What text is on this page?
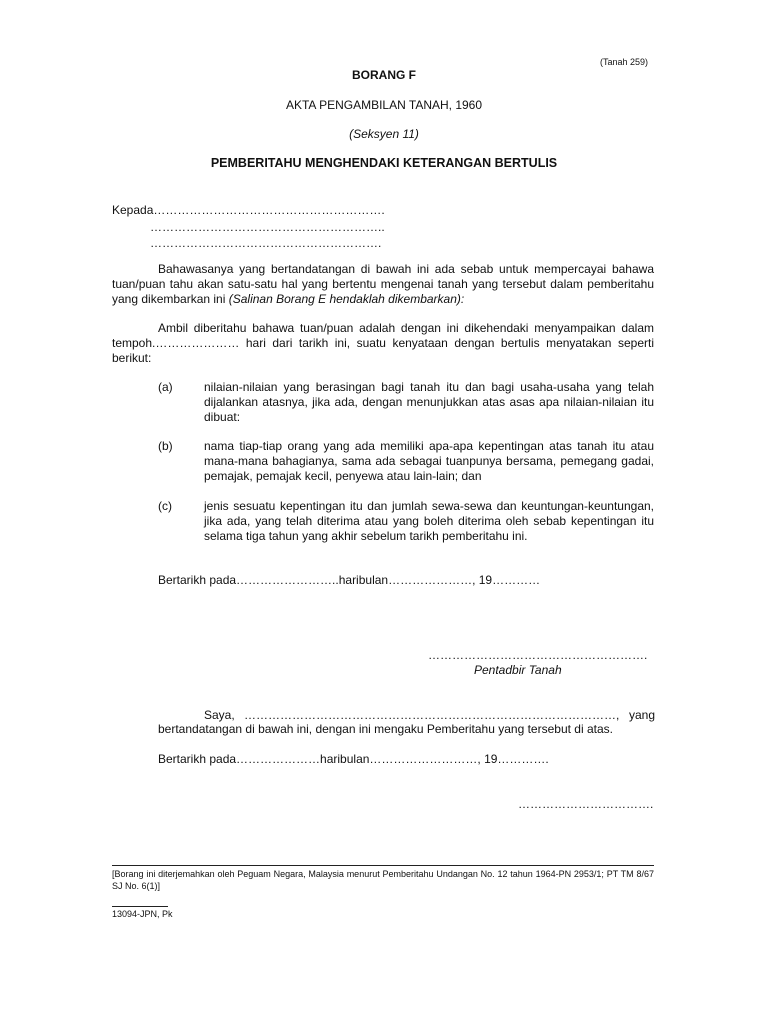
(Tanah 259)
BORANG F
AKTA PENGAMBILAN TANAH, 1960
(Seksyen 11)
PEMBERITAHU MENGHENDAKI KETERANGAN BERTULIS
Kepada………………………………………………….
…………………………………………………..
………………………………………………….
Bahawasanya yang bertandatangan di bawah ini ada sebab untuk mempercayai bahawa tuan/puan tahu akan satu-satu hal yang bertentu mengenai tanah yang tersebut dalam pemberitahu yang dikembarkan ini (Salinan Borang E hendaklah dikembarkan):
Ambil diberitahu bahawa tuan/puan adalah dengan ini dikehendaki menyampaikan dalam tempoh.………………… hari dari tarikh ini, suatu kenyataan dengan bertulis menyatakan seperti berikut:
(a)	nilaian-nilaian yang berasingan bagi tanah itu dan bagi usaha-usaha yang telah dijalankan atasnya, jika ada, dengan menunjukkan atas asas apa nilaian-nilaian itu dibuat:
(b)	nama tiap-tiap orang yang ada memiliki apa-apa kepentingan atas tanah itu atau mana-mana bahagianya, sama ada sebagai tuanpunya bersama, pemegang gadai, pemajak, pemajak kecil, penyewa atau lain-lain; dan
(c)	jenis sesuatu kepentingan itu dan jumlah sewa-sewa dan keuntungan-keuntungan, jika ada, yang telah diterima atau yang boleh diterima oleh sebab kepentingan itu selama tiga tahun yang akhir sebelum tarikh pemberitahu ini.
Bertarikh pada……………………..haribulan…………………, 19…………
……………………………………………….
Pentadbir Tanah
Saya, …………………………………………………………………………………, yang
bertandatangan di bawah ini, dengan ini mengaku Pemberitahu yang tersebut di atas.
Bertarikh pada…………………haribulan………………………, 19………….
…………………………….
[Borang ini diterjemahkan oleh Peguam Negara, Malaysia menurut Pemberitahu Undangan No. 12 tahun 1964-PN 2953/1; PT TM 8/67 SJ No. 6(1)]
13094-JPN, Pk
